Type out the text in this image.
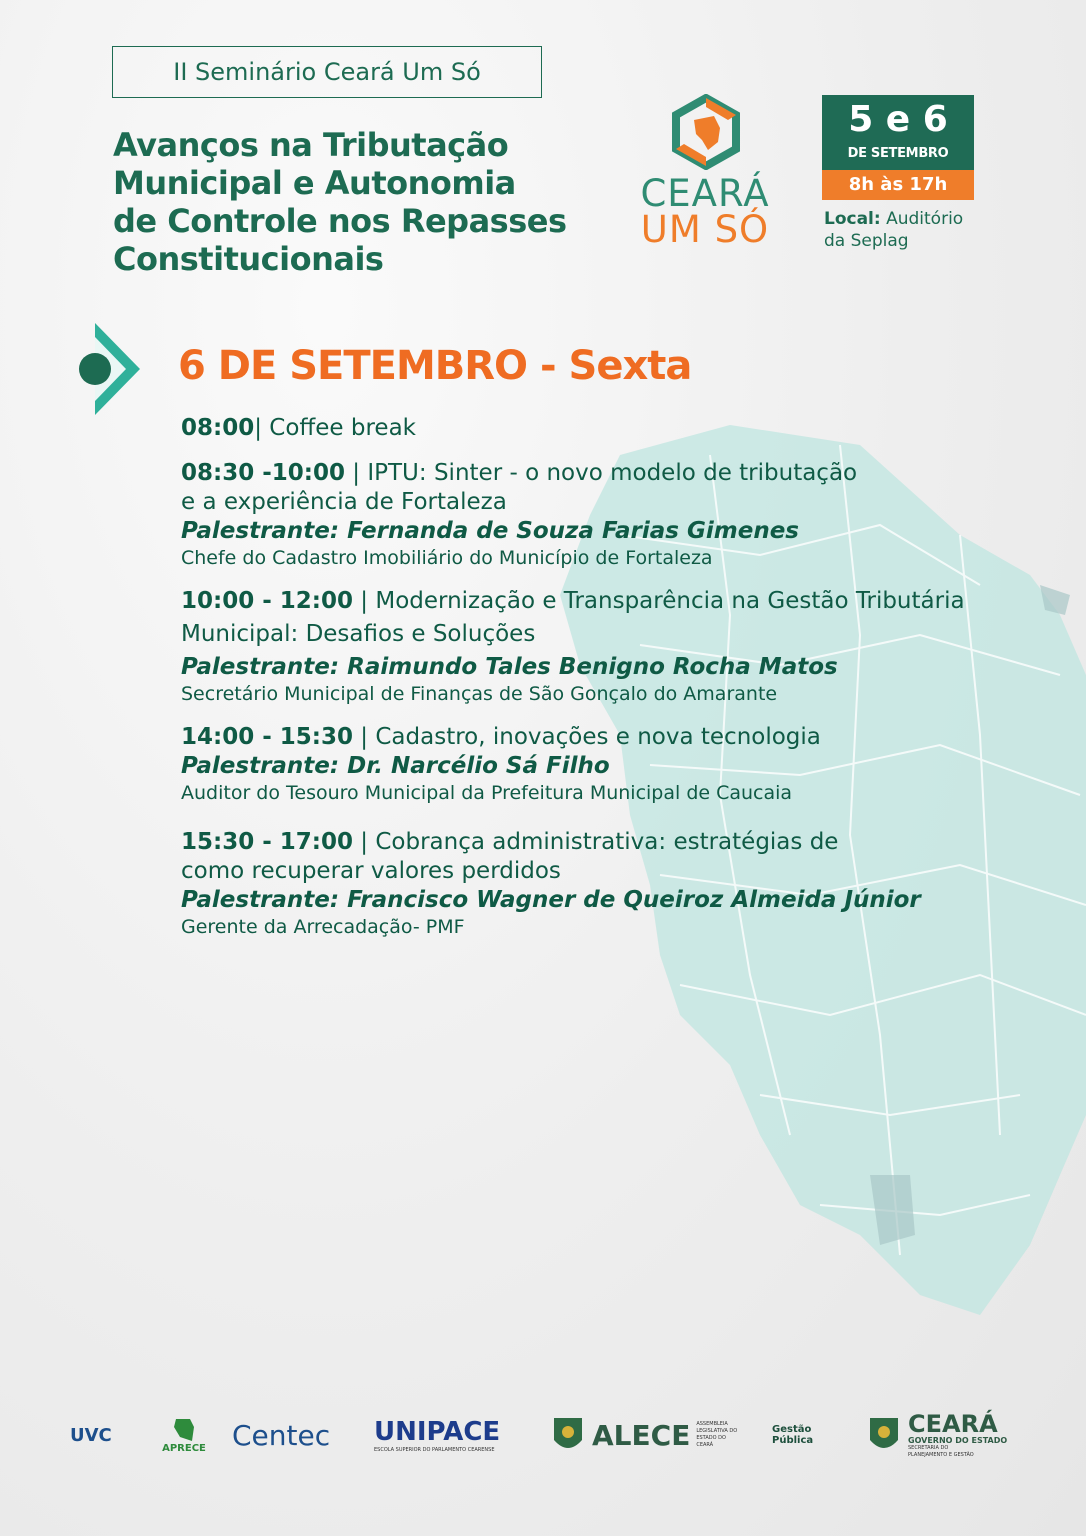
II Seminário Ceará Um Só
Avanços na Tributação
Municipal e Autonomia
de Controle nos Repasses
Constitucionais
CEARÁ
UM SÓ
5 e 6
DE SETEMBRO
8h às 17h
Local: Auditório
da Seplag
6 DE SETEMBRO - Sexta
08:00| Coffee break
08:30 -10:00 | IPTU: Sinter - o novo modelo de tributação
e a experiência de Fortaleza
Palestrante: Fernanda de Souza Farias Gimenes
Chefe do Cadastro Imobiliário do Município de Fortaleza
10:00 - 12:00 | Modernização e Transparência na Gestão Tributária
Municipal: Desafios e Soluções
Palestrante: Raimundo Tales Benigno Rocha Matos
Secretário Municipal de Finanças de São Gonçalo do Amarante
14:00 - 15:30 | Cadastro, inovações e nova tecnologia
Palestrante: Dr. Narcélio Sá Filho
Auditor do Tesouro Municipal da Prefeitura Municipal de Caucaia
15:30 - 17:00 | Cobrança administrativa: estratégias de
como recuperar valores perdidos
Palestrante: Francisco Wagner de Queiroz Almeida Júnior
Gerente da Arrecadação- PMF
UVC
APRECE Centec UNIPACE
ESCOLA SUPERIOR DO PARLAMENTO CEARENSE	ALECE ASSEMBLEIA LEGISLATIVA DO ESTADO DO CEARÁ
Gestão Pública
CEARÁ
GOVERNO DO ESTADO
SECRETARIA DO PLANEJAMENTO E GESTÃO
